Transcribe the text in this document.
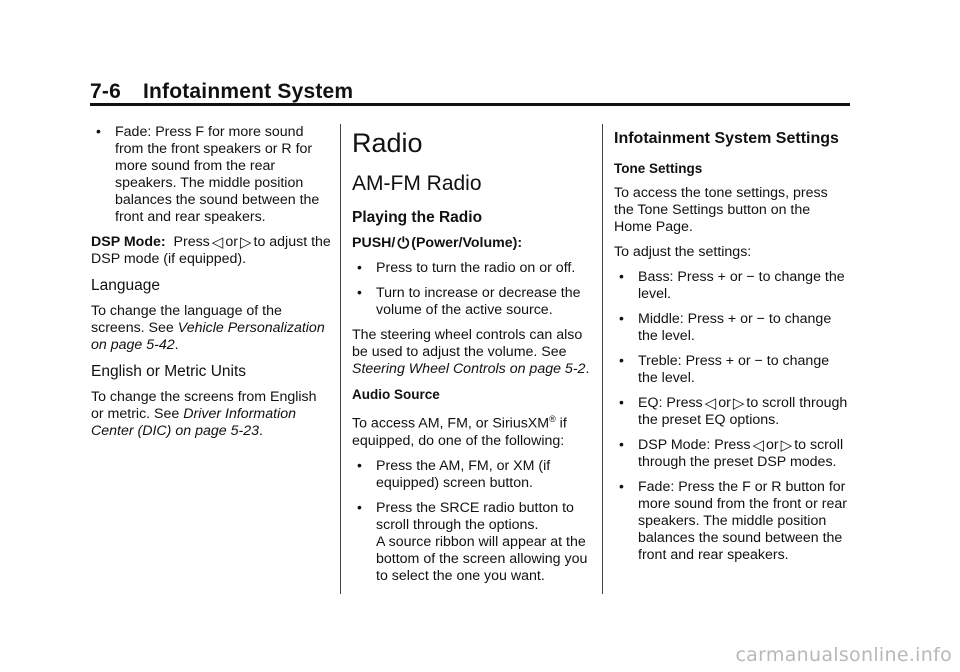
7-6 Infotainment System
• Fade: Press F for more sound from the front speakers or R for more sound from the rear speakers. The middle position balances the sound between the front and rear speakers.

DSP Mode: Press ◁ or ▷ to adjust the DSP mode (if equipped).

Language

To change the language of the screens. See Vehicle Personalization on page 5-42.

English or Metric Units

To change the screens from English or metric. See Driver Information Center (DIC) on page 5-23.

Radio
AM-FM Radio
Playing the Radio

PUSH/ ⏻ (Power/Volume):

• Press to turn the radio on or off.
• Turn to increase or decrease the volume of the active source.

The steering wheel controls can also be used to adjust the volume. See Steering Wheel Controls on page 5-2.

Audio Source

To access AM, FM, or SiriusXM® if equipped, do one of the following:

• Press the AM, FM, or XM (if equipped) screen button.
• Press the SRCE radio button to scroll through the options.
A source ribbon will appear at the bottom of the screen allowing you to select the one you want.
Infotainment System Settings
Tone Settings

To access the tone settings, press the Tone Settings button on the Home Page.

To adjust the settings:

• Bass: Press + or − to change the level.
• Middle: Press + or − to change the level.
• Treble: Press + or − to change the level.
• EQ: Press ◁ or ▷ to scroll through the preset EQ options.
• DSP Mode: Press ◁ or ▷ to scroll through the preset DSP modes.
• Fade: Press the F or R button for more sound from the front or rear speakers. The middle position balances the sound between the front and rear speakers.
carmanualsonline.info
